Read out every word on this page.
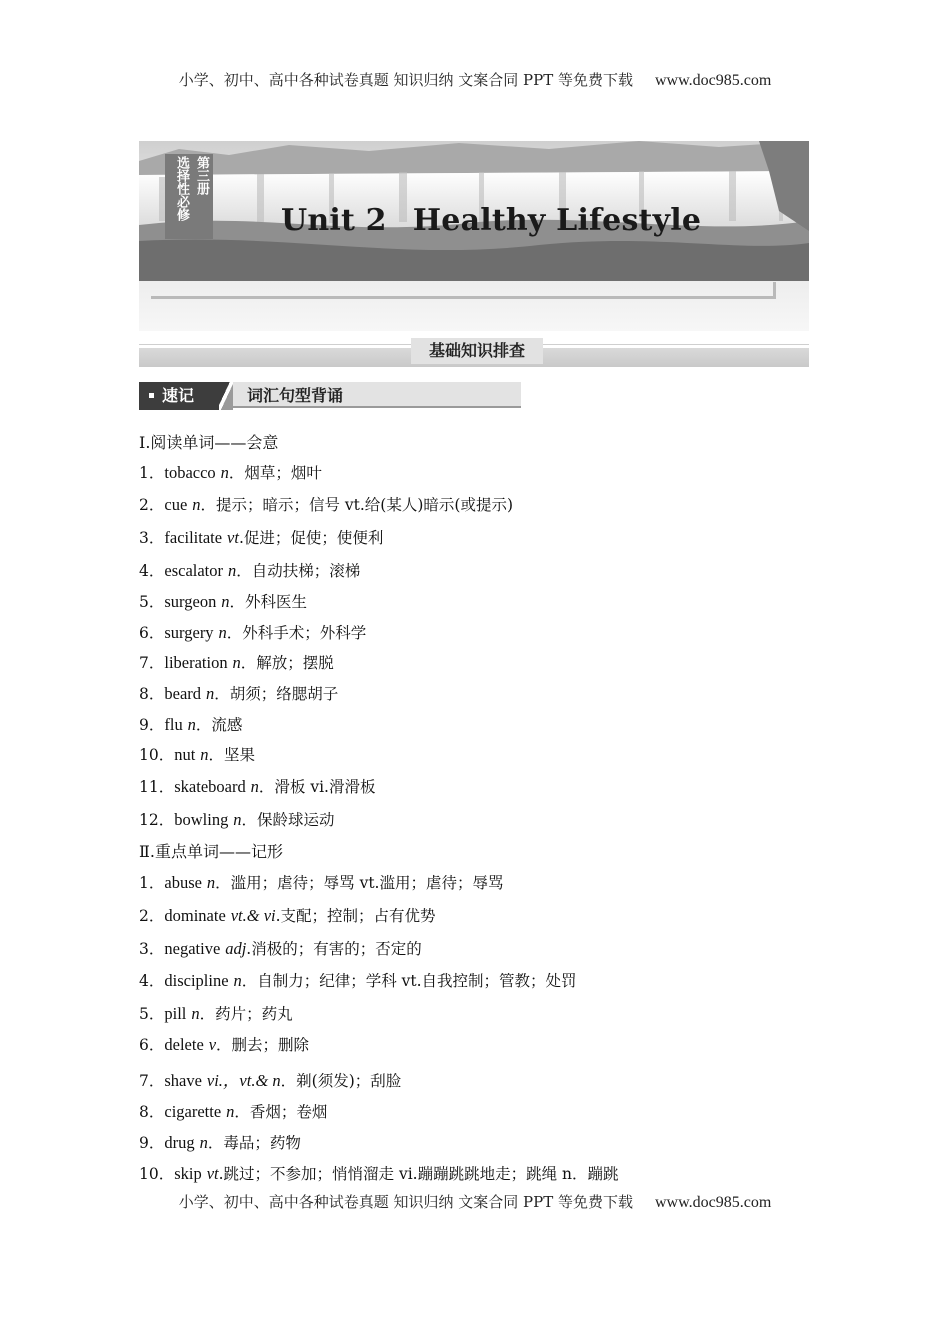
小学、初中、高中各种试卷真题 知识归纳 文案合同 PPT 等免费下载 www.doc985.com
选择性必修 第三册
Unit 2 Healthy Lifestyle
基础知识排查
速记	词汇句型背诵
Ⅰ.阅读单词——会意
1．tobacco n．烟草；烟叶
2．cue n．提示；暗示；信号 vt.给(某人)暗示(或提示)
3．facilitate vt.促进；促使；使便利
4．escalator n．自动扶梯；滚梯
5．surgeon n．外科医生
6．surgery n．外科手术；外科学
7．liberation n．解放；摆脱
8．beard n．胡须；络腮胡子
9．flu n．流感
10．nut n．坚果
11．skateboard n．滑板 vi.滑滑板
12．bowling n．保龄球运动
Ⅱ.重点单词——记形
1．abuse n．滥用；虐待；辱骂 vt.滥用；虐待；辱骂
2．dominate vt.& vi.支配；控制；占有优势
3．negative adj.消极的；有害的；否定的
4．discipline n．自制力；纪律；学科 vt.自我控制；管教；处罚
5．pill n．药片；药丸
6．delete v．删去；删除
7．shave vi.，vt.& n．剃(须发)；刮脸
8．cigarette n．香烟；卷烟
9．drug n．毒品；药物
10．skip vt.跳过；不参加；悄悄溜走 vi.蹦蹦跳跳地走；跳绳 n．蹦跳
小学、初中、高中各种试卷真题 知识归纳 文案合同 PPT 等免费下载 www.doc985.com
